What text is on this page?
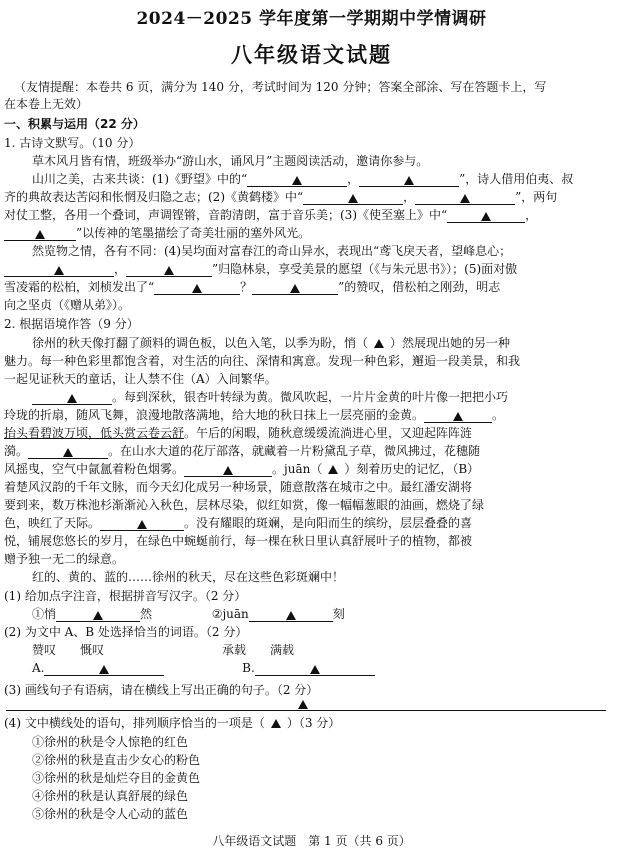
2024－2025 学年度第一学期期中学情调研
八年级语文试题
（友情提醒：本卷共 6 页，满分为 140 分，考试时间为 120 分钟；答案全部涂、写在答题卡上，写
在本卷上无效）
一、积累与运用（22 分）
1. 古诗文默写。（10 分）
草木风月皆有情，班级举办“游山水，诵风月”主题阅读活动，邀请你参与。
山川之美，古来共谈：(1)《野望》中的“	，	”，诗人借用伯夷、叔
齐的典故表达苦闷和怅惘及归隐之志；(2)《黄鹤楼》中“	，	”，两句
对仗工整，各用一个叠词，声调铿锵，音韵清朗，富于音乐美；(3)《使至塞上》中“	，
”以传神的笔墨描绘了奇美壮丽的塞外风光。
然览物之情，各有不同：(4)吴均面对富春江的奇山异水，表现出“鸢飞戾天者，望峰息心；
，	”归隐林泉，享受美景的愿望（《与朱元思书》）；(5)面对傲
雪凌霜的松柏，刘桢发出了“	？	”的赞叹，借松柏之刚劲，明志
向之坚贞（《赠从弟》）。
2. 根据语境作答（9 分）
徐州的秋天像打翻了颜料的调色板，以色入笔，以季为盼，悄（ ）然展现出她的另一种
魅力。每一种色彩里都饱含着，对生活的向往、深情和寓意。发现一种色彩，邂逅一段美景，和我
一起见证秋天的童话，让人禁不住（A）入间繁华。
。每到深秋，银杏叶转绿为黄。微风吹起，一片片金黄的叶片像一把把小巧
玲珑的折扇，随风飞舞，浪漫地散落满地，给大地的秋日抹上一层亮丽的金黄。	。
抬头看碧波万顷，低头赏云卷云舒。午后的闲暇，随秋意缓缓流淌进心里，又迎起阵阵涟
漪。	。在山水大道的花厅部落，就藏着一片粉黛乱子草，微风拂过，花穗随
风摇曳，空气中氤氲着粉色烟雾。	。juān（ ）刻着历史的记忆，（B）
着楚风汉韵的千年文脉，而今天幻化成另一种场景，随意散落在城市之中。最红潘安湖将
要到来，数万株池杉渐渐沁入秋色，层林尽染，似红如赏，像一幅幅葱眼的油画，燃烧了绿
色，映红了天际。	。没有耀眼的斑斓，是向阳而生的缤纷，层层叠叠的喜
悦，铺展您悠长的岁月，在绿色中蜿蜒前行，每一棵在秋日里认真舒展叶子的植物，都被
赠予独一无二的绿意。
红的、黄的、蓝的……徐州的秋天，尽在这些色彩斑斓中！
(1) 给加点字注音，根据拼音写汉字。（2 分）
①悄	然	②juān	刻
(2) 为文中 A、B 处选择恰当的词语。（2 分）
赞叹 慨叹	承载 满载
A.	B.
(3) 画线句子有语病，请在横线上写出正确的句子。（2 分）
(4) 文中横线处的语句，排列顺序恰当的一项是（ ）（3 分）
①徐州的秋是令人惊艳的红色
②徐州的秋是直击少女心的粉色
③徐州的秋是灿烂夺目的金黄色
④徐州的秋是认真舒展的绿色
⑤徐州的秋是令人心动的蓝色
八年级语文试题　第 1 页（共 6 页）
